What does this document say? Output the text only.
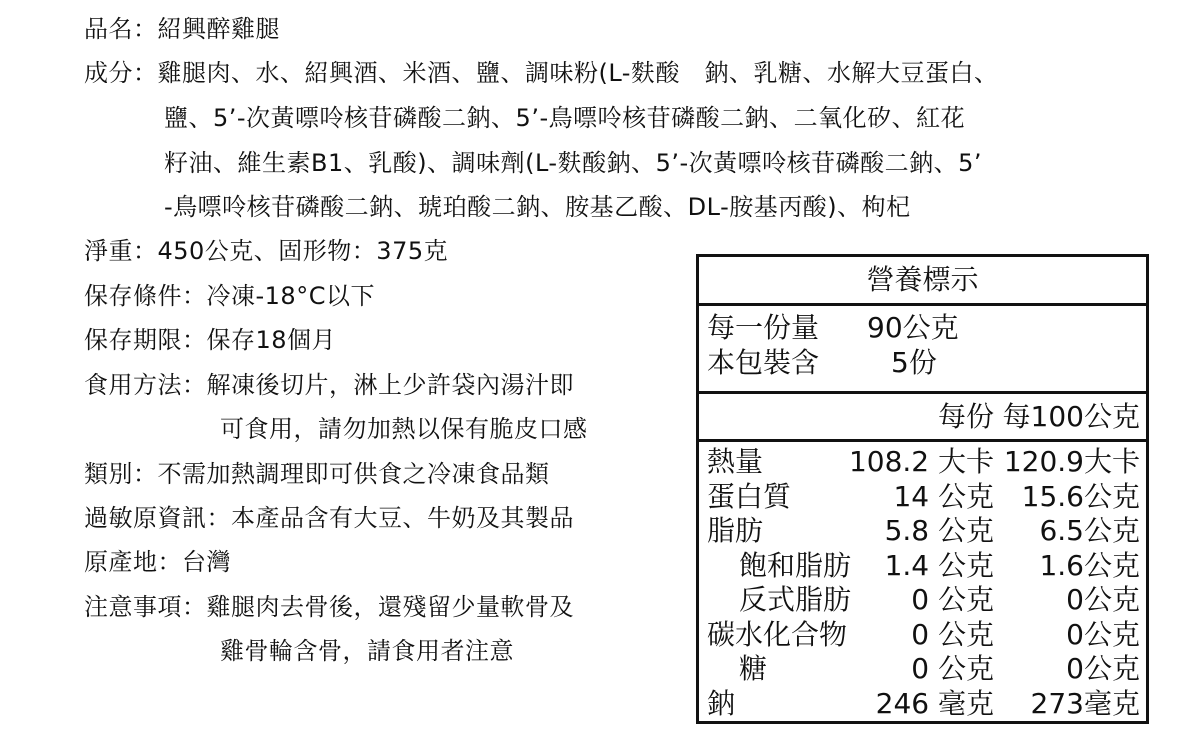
品名：紹興醉雞腿
成分：雞腿肉、水、紹興酒、米酒、鹽、調味粉(L-麩酸　鈉、乳糖、水解大豆蛋白、
鹽、5’-次黃嘌呤核苷磷酸二鈉、5’-鳥嘌呤核苷磷酸二鈉、二氧化矽、紅花
籽油、維生素B1、乳酸)、調味劑(L-麩酸鈉、5’-次黃嘌呤核苷磷酸二鈉、5’
-鳥嘌呤核苷磷酸二鈉、琥珀酸二鈉、胺基乙酸、DL-胺基丙酸)、枸杞
淨重：450公克、固形物：375克
保存條件：冷凍-18°C以下
保存期限：保存18個月
食用方法：解凍後切片，淋上少許袋內湯汁即
可食用，請勿加熱以保有脆皮口感
類別：不需加熱調理即可供食之冷凍食品類
過敏原資訊：本產品含有大豆、牛奶及其製品
原產地：台灣
注意事項：雞腿肉去骨後，還殘留少量軟骨及
雞骨輪含骨，請食用者注意
營養標示
每一份量 90公克
本包裝含	5份
每份 每100公克
熱量	108.2 大卡 120.9大卡
蛋白質	14 公克 15.6公克
脂肪	5.8 公克 6.5公克
飽和脂肪 1.4 公克 1.6公克
反式脂肪 0 公克	0公克
碳水化合物 0 公克	0公克
糖	0 公克	0公克
鈉	246 毫克 273毫克
